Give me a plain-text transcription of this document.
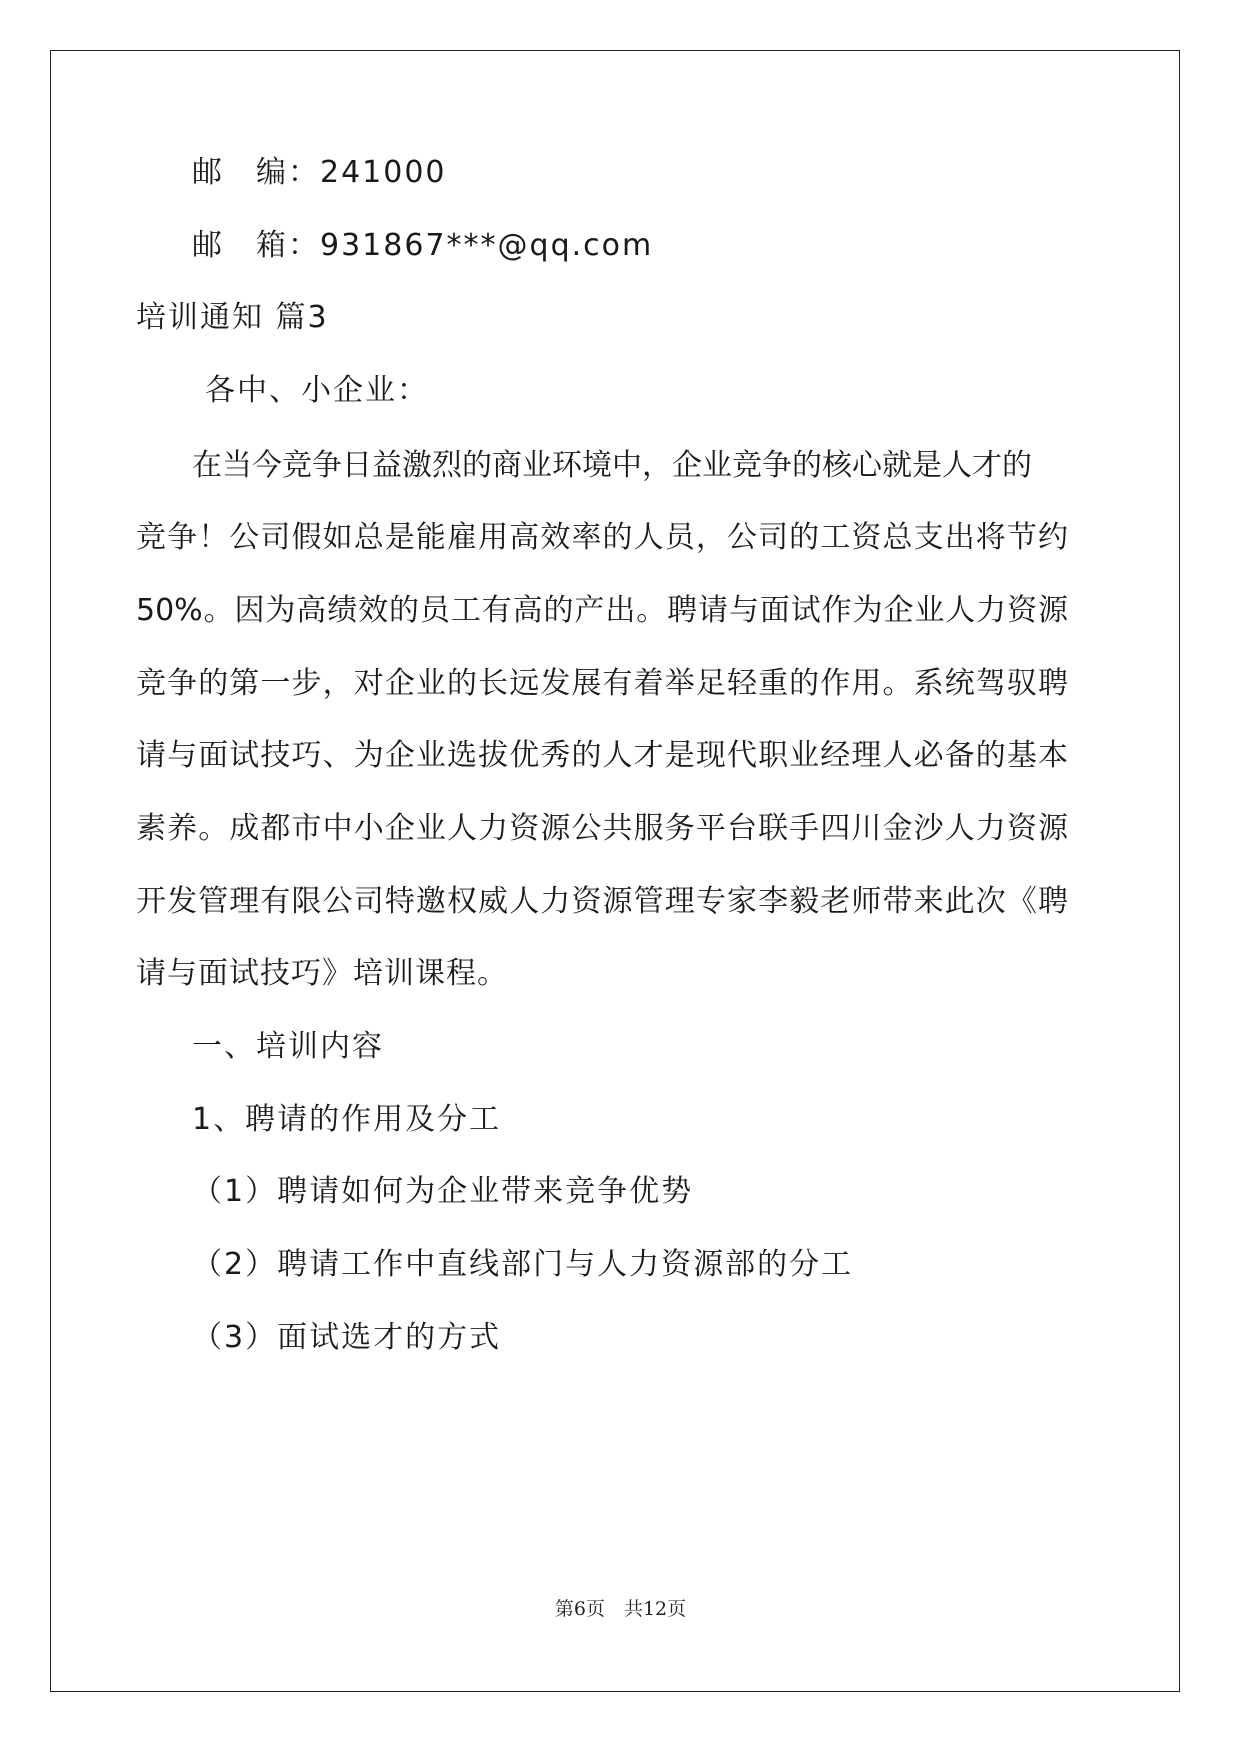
邮　编：241000
邮　箱：931867***@qq.com
培训通知 篇3
各中、小企业：
在当今竞争日益激烈的商业环境中，企业竞争的核心就是人才的
竞争！公司假如总是能雇用高效率的人员，公司的工资总支出将节约
50%。因为高绩效的员工有高的产出。聘请与面试作为企业人力资源
竞争的第一步，对企业的长远发展有着举足轻重的作用。系统驾驭聘
请与面试技巧、为企业选拔优秀的人才是现代职业经理人必备的基本
素养。成都市中小企业人力资源公共服务平台联手四川金沙人力资源
开发管理有限公司特邀权威人力资源管理专家李毅老师带来此次《聘
请与面试技巧》培训课程。
一、培训内容
1、聘请的作用及分工
（1）聘请如何为企业带来竞争优势
（2）聘请工作中直线部门与人力资源部的分工
（3）面试选才的方式
第6页　共12页
